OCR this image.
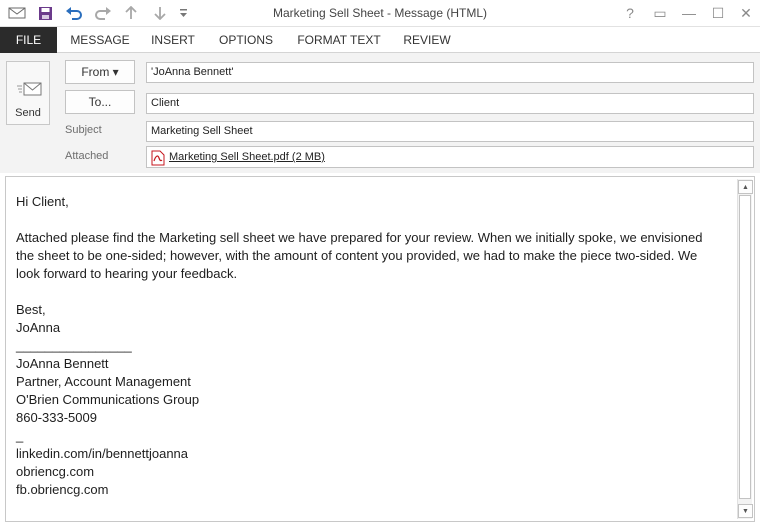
Marketing Sell Sheet - Message (HTML)	?	▭ — ☐ ✕
FILE	MESSAGE	INSERT	OPTIONS	FORMAT TEXT	REVIEW
Send
From ▾	'JoAnna Bennett'
To...	Client
Subject	Marketing Sell Sheet
Attached	Marketing Sell Sheet.pdf (2 MB)

Hi Client,

Attached please find the Marketing sell sheet we have prepared for your review. When we initially spoke, we envisioned the sheet to be one-sided; however, with the amount of content you provided, we had to make the piece two-sided. We look forward to hearing your feedback.

Best,

JoAnna

________________

JoAnna Bennett

Partner, Account Management

O'Brien Communications Group

860-333-5009

_

linkedin.com/in/bennettjoanna

obriencg.com

fb.obriencg.com

▲
▼
